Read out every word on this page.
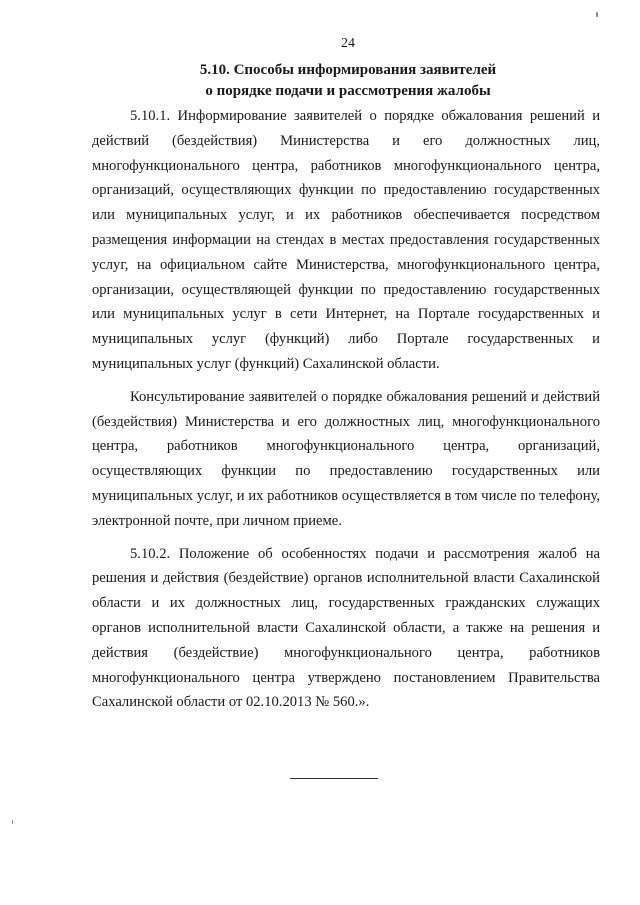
24
5.10. Способы информирования заявителей
о порядке подачи и рассмотрения жалобы

5.10.1. Информирование заявителей о порядке обжалования решений и действий (бездействия) Министерства и его должностных лиц, многофункционального центра, работников многофункционального центра, организаций, осуществляющих функции по предоставлению государственных или муниципальных услуг, и их работников обеспечивается посредством размещения информации на стендах в местах предоставления государственных услуг, на официальном сайте Министерства, многофункционального центра, организации, осуществляющей функции по предоставлению государственных или муниципальных услуг в сети Интернет, на Портале государственных и муниципальных услуг (функций) либо Портале государственных и муниципальных услуг (функций) Сахалинской области.

Консультирование заявителей о порядке обжалования решений и действий (бездействия) Министерства и его должностных лиц, многофункционального центра, работников многофункционального центра, организаций, осуществляющих функции по предоставлению государственных или муниципальных услуг, и их работников осуществляется в том числе по телефону, электронной почте, при личном приеме.

5.10.2. Положение об особенностях подачи и рассмотрения жалоб на решения и действия (бездействие) органов исполнительной власти Сахалинской области и их должностных лиц, государственных гражданских служащих органов исполнительной власти Сахалинской области, а также на решения и действия (бездействие) многофункционального центра, работников многофункционального центра утверждено постановлением Правительства Сахалинской области от 02.10.2013 № 560.».
